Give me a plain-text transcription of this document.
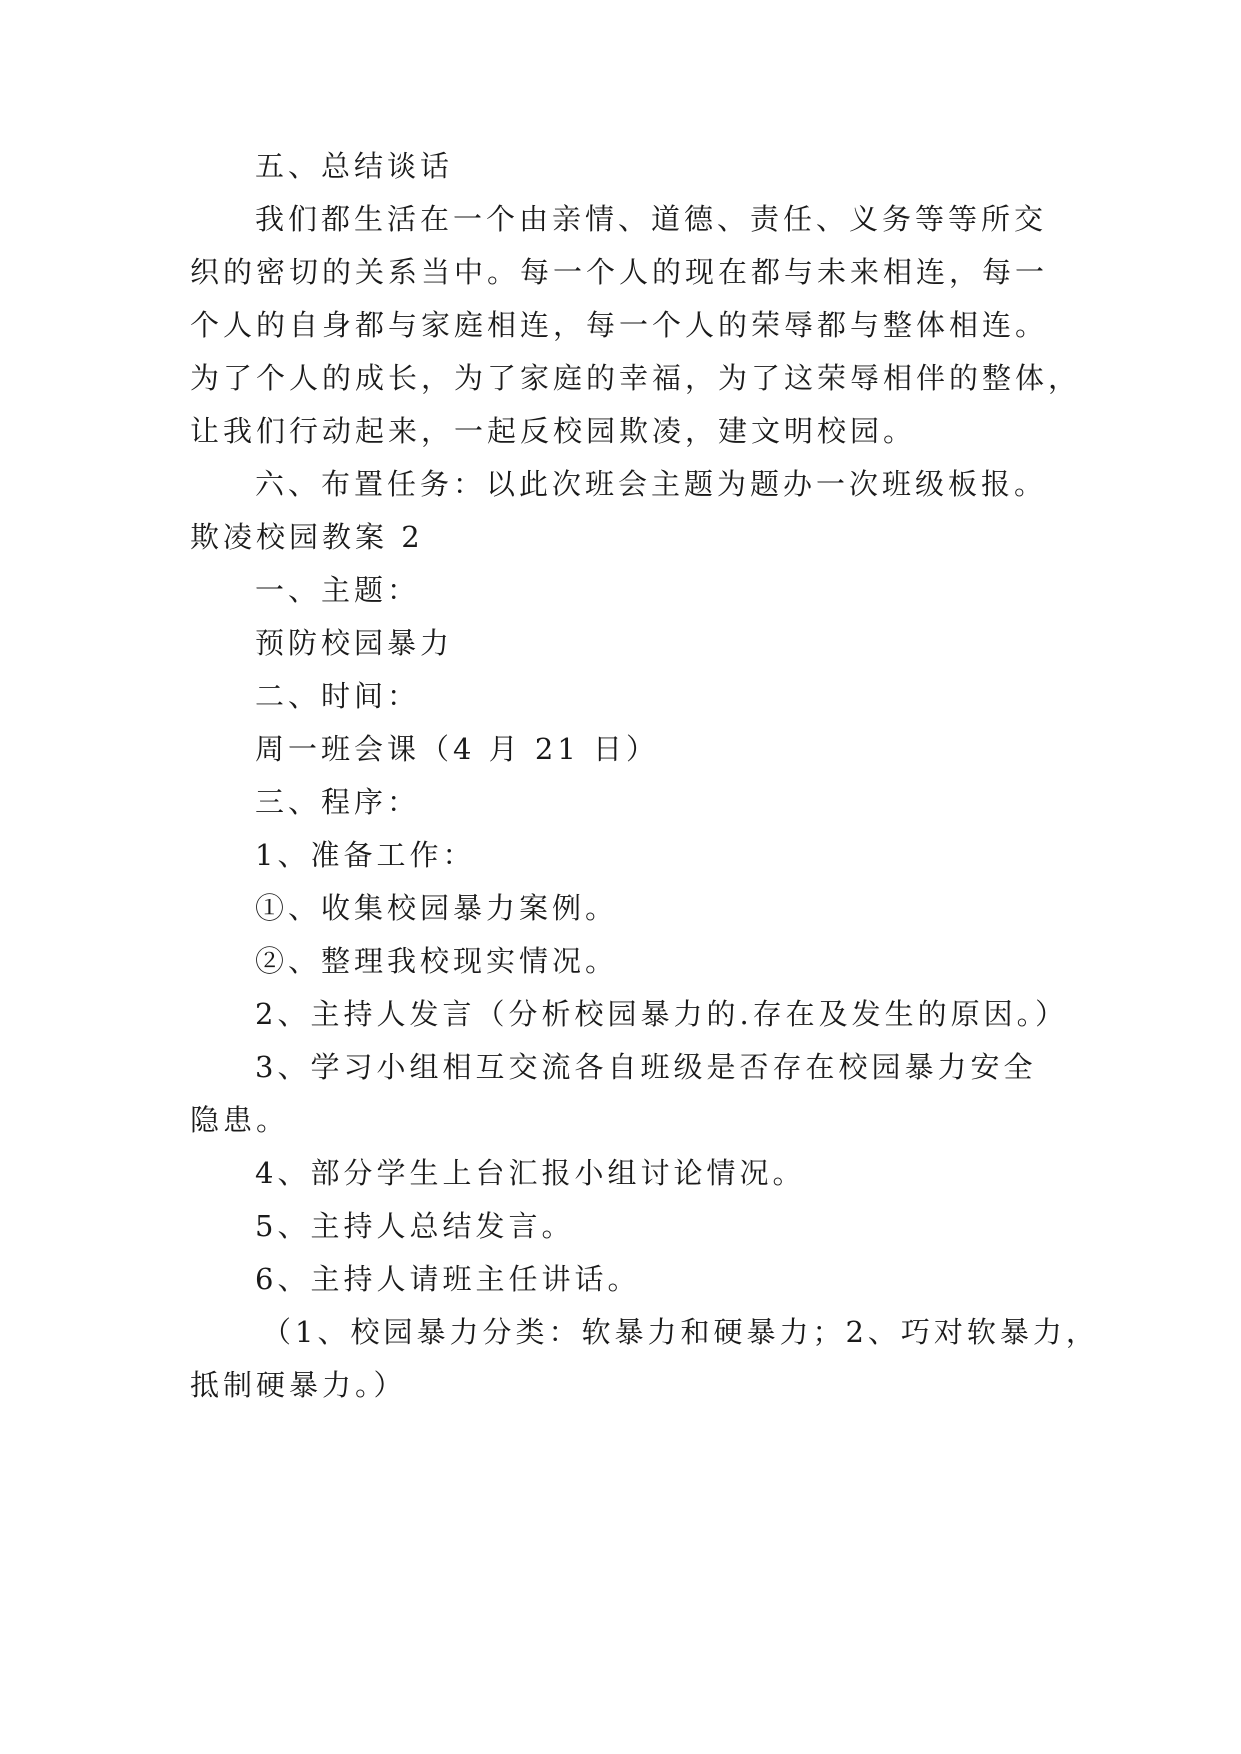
五、总结谈话
我们都生活在一个由亲情、道德、责任、义务等等所交
织的密切的关系当中。每一个人的现在都与未来相连，每一
个人的自身都与家庭相连，每一个人的荣辱都与整体相连。
为了个人的成长，为了家庭的幸福，为了这荣辱相伴的整体，
让我们行动起来，一起反校园欺凌，建文明校园。
六、布置任务：以此次班会主题为题办一次班级板报。
欺凌校园教案 2
一、主题：
预防校园暴力
二、时间：
周一班会课（4 月 21 日）
三、程序：
1、准备工作：
①、收集校园暴力案例。
②、整理我校现实情况。
2、主持人发言（分析校园暴力的.存在及发生的原因。）
3、学习小组相互交流各自班级是否存在校园暴力安全
隐患。
4、部分学生上台汇报小组讨论情况。
5、主持人总结发言。
6、主持人请班主任讲话。
（1、校园暴力分类：软暴力和硬暴力；2、巧对软暴力，
抵制硬暴力。）
